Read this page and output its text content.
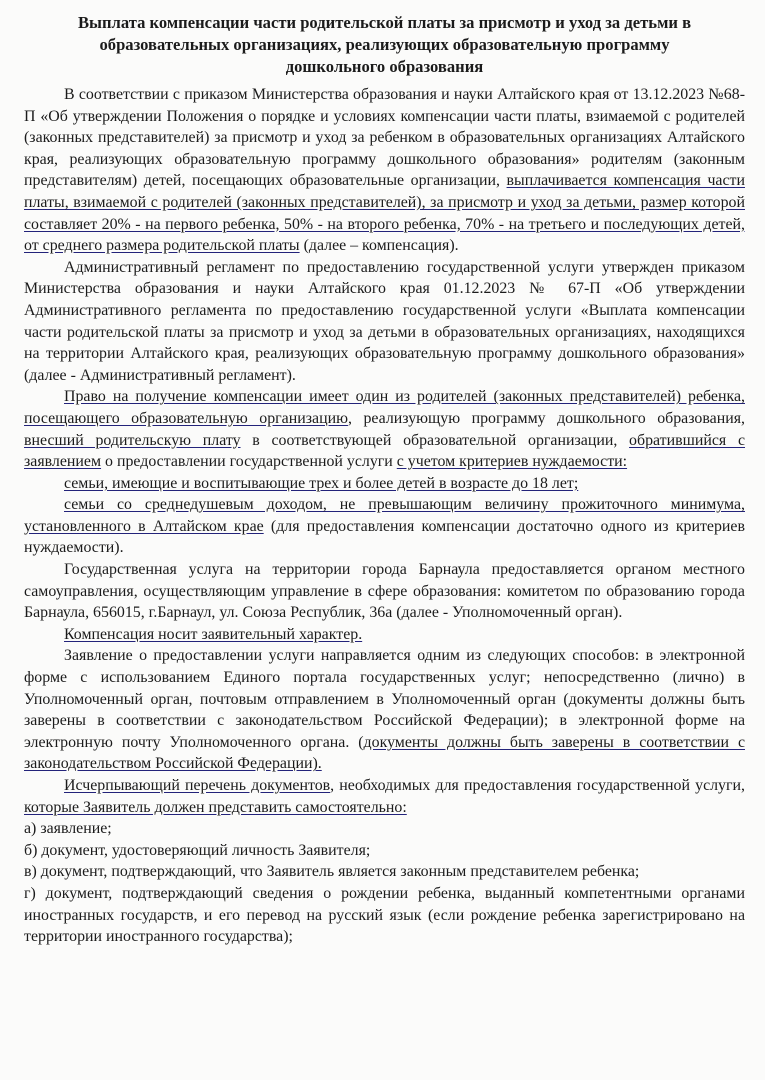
Выплата компенсации части родительской платы за присмотр и уход за детьми в
образовательных организациях, реализующих образовательную программу
дошкольного образования

В соответствии с приказом Министерства образования и науки Алтайского края от 13.12.2023 №68-П «Об утверждении Положения о порядке и условиях компенсации части платы, взимаемой с родителей (законных представителей) за присмотр и уход за ребенком в образовательных организациях Алтайского края, реализующих образовательную программу дошкольного образования» родителям (законным представителям) детей, посещающих образовательные организации, выплачивается компенсация части платы, взимаемой с родителей (законных представителей), за присмотр и уход за детьми, размер которой составляет 20% - на первого ребенка, 50% - на второго ребенка, 70% - на третьего и последующих детей, от среднего размера родительской платы (далее – компенсация).

Административный регламент по предоставлению государственной услуги утвержден приказом Министерства образования и науки Алтайского края 01.12.2023 № 67-П «Об утверждении Административного регламента по предоставлению государственной услуги «Выплата компенсации части родительской платы за присмотр и уход за детьми в образовательных организациях, находящихся на территории Алтайского края, реализующих образовательную программу дошкольного образования» (далее - Административный регламент).

Право на получение компенсации имеет один из родителей (законных представителей) ребенка, посещающего образовательную организацию, реализующую программу дошкольного образования, внесший родительскую плату в соответствующей образовательной организации, обратившийся с заявлением о предоставлении государственной услуги с учетом критериев нуждаемости:

семьи, имеющие и воспитывающие трех и более детей в возрасте до 18 лет;

семьи со среднедушевым доходом, не превышающим величину прожиточного минимума, установленного в Алтайском крае (для предоставления компенсации достаточно одного из критериев нуждаемости).

Государственная услуга на территории города Барнаула предоставляется органом местного самоуправления, осуществляющим управление в сфере образования: комитетом по образованию города Барнаула, 656015, г.Барнаул, ул. Союза Республик, 36а (далее - Уполномоченный орган).

Компенсация носит заявительный характер.

Заявление о предоставлении услуги направляется одним из следующих способов: в электронной форме с использованием Единого портала государственных услуг; непосредственно (лично) в Уполномоченный орган, почтовым отправлением в Уполномоченный орган (документы должны быть заверены в соответствии с законодательством Российской Федерации); в электронной форме на электронную почту Уполномоченного органа. (документы должны быть заверены в соответствии с законодательством Российской Федерации).

Исчерпывающий перечень документов, необходимых для предоставления государственной услуги, которые Заявитель должен представить самостоятельно:

а) заявление;

б) документ, удостоверяющий личность Заявителя;

в) документ, подтверждающий, что Заявитель является законным представителем ребенка;

г) документ, подтверждающий сведения о рождении ребенка, выданный компетентными органами иностранных государств, и его перевод на русский язык (если рождение ребенка зарегистрировано на территории иностранного государства);
